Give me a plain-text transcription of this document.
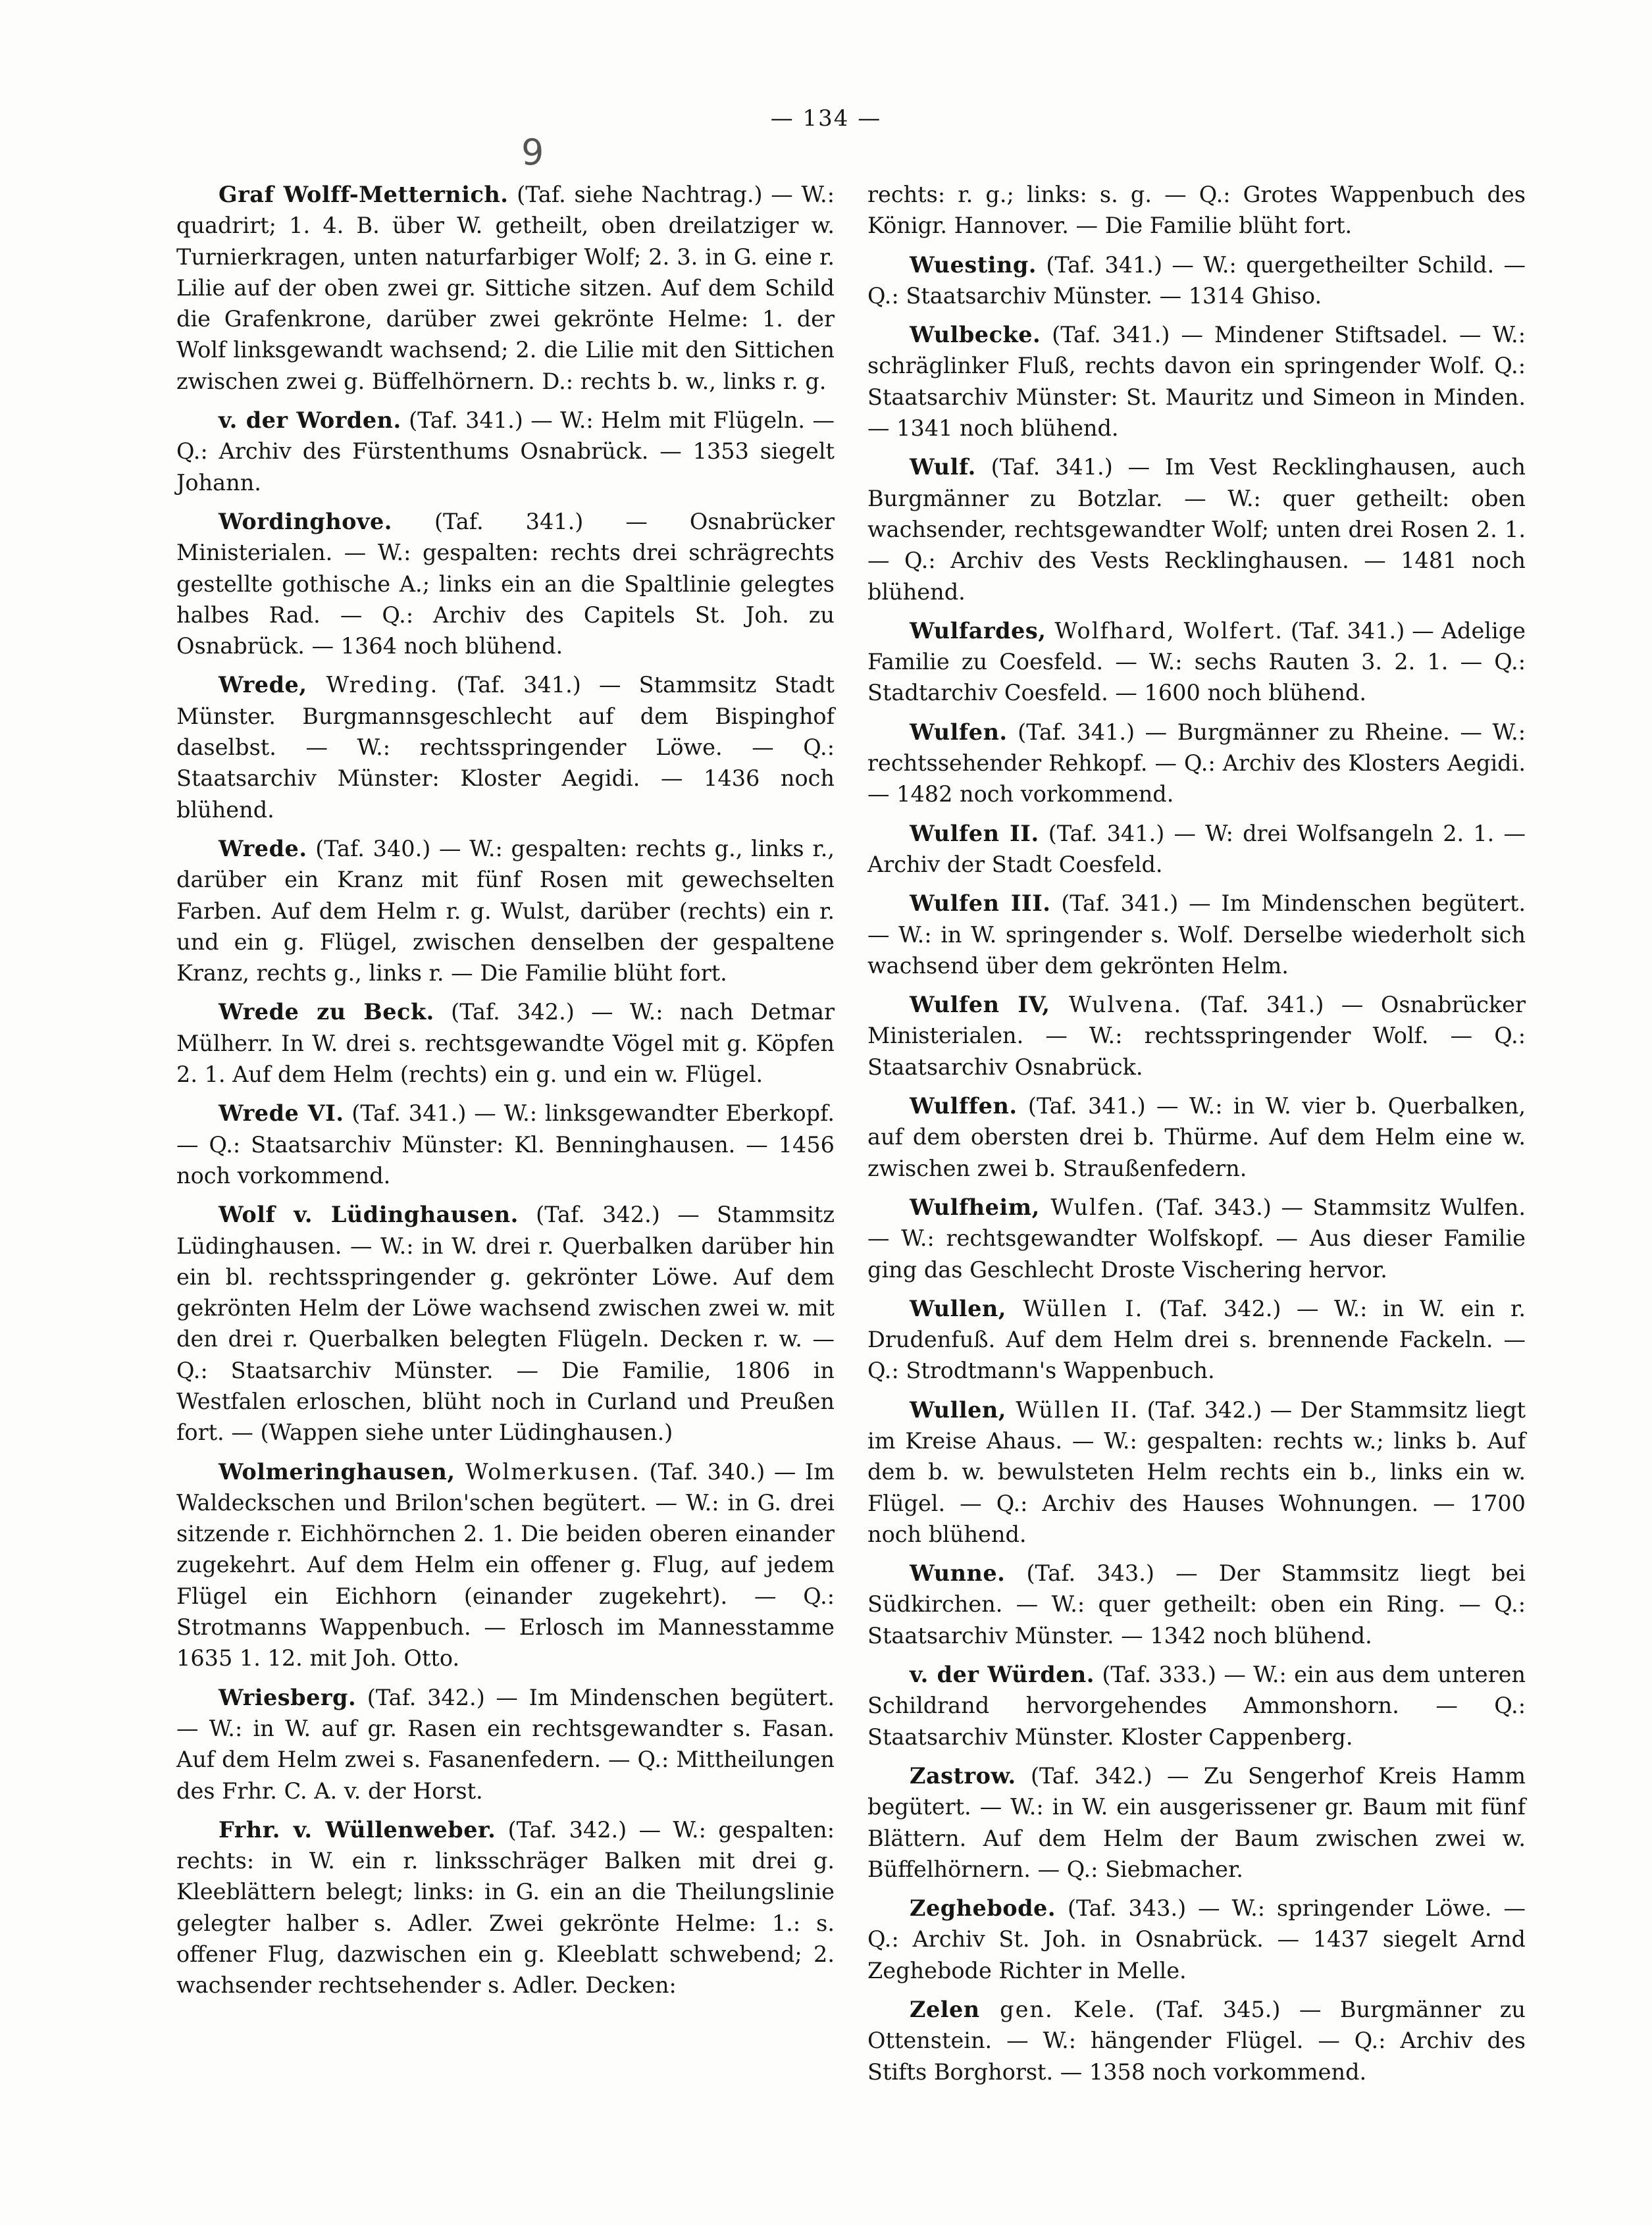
— 134 —
9

Graf Wolff-Metternich. (Taf. siehe Nachtrag.) — W.: quadrirt; 1. 4. B. über W. getheilt, oben dreilatziger w. Turnierkragen, unten naturfarbiger Wolf; 2. 3. in G. eine r. Lilie auf der oben zwei gr. Sittiche sitzen. Auf dem Schild die Grafenkrone, darüber zwei gekrönte Helme: 1. der Wolf linksgewandt wachsend; 2. die Lilie mit den Sittichen zwischen zwei g. Büffelhörnern. D.: rechts b. w., links r. g.

v. der Worden. (Taf. 341.) — W.: Helm mit Flügeln. — Q.: Archiv des Fürstenthums Osnabrück. — 1353 siegelt Johann.

Wordinghove. (Taf. 341.) — Osnabrücker Ministerialen. — W.: gespalten: rechts drei schrägrechts gestellte gothische A.; links ein an die Spaltlinie gelegtes halbes Rad. — Q.: Archiv des Capitels St. Joh. zu Osnabrück. — 1364 noch blühend.

Wrede, Wreding. (Taf. 341.) — Stammsitz Stadt Münster. Burgmannsgeschlecht auf dem Bispinghof daselbst. — W.: rechtsspringender Löwe. — Q.: Staatsarchiv Münster: Kloster Aegidi. — 1436 noch blühend.

Wrede. (Taf. 340.) — W.: gespalten: rechts g., links r., darüber ein Kranz mit fünf Rosen mit gewechselten Farben. Auf dem Helm r. g. Wulst, darüber (rechts) ein r. und ein g. Flügel, zwischen denselben der gespaltene Kranz, rechts g., links r. — Die Familie blüht fort.

Wrede zu Beck. (Taf. 342.) — W.: nach Detmar Mülherr. In W. drei s. rechtsgewandte Vögel mit g. Köpfen 2. 1. Auf dem Helm (rechts) ein g. und ein w. Flügel.

Wrede VI. (Taf. 341.) — W.: linksgewandter Eberkopf. — Q.: Staatsarchiv Münster: Kl. Benninghausen. — 1456 noch vorkommend.

Wolf v. Lüdinghausen. (Taf. 342.) — Stammsitz Lüdinghausen. — W.: in W. drei r. Querbalken darüber hin ein bl. rechtsspringender g. gekrönter Löwe. Auf dem gekrönten Helm der Löwe wachsend zwischen zwei w. mit den drei r. Querbalken belegten Flügeln. Decken r. w. — Q.: Staatsarchiv Münster. — Die Familie, 1806 in Westfalen erloschen, blüht noch in Curland und Preußen fort. — (Wappen siehe unter Lüdinghausen.)

Wolmeringhausen, Wolmerkusen. (Taf. 340.) — Im Waldeckschen und Brilon'schen begütert. — W.: in G. drei sitzende r. Eichhörnchen 2. 1. Die beiden oberen einander zugekehrt. Auf dem Helm ein offener g. Flug, auf jedem Flügel ein Eichhorn (einander zugekehrt). — Q.: Strotmanns Wappenbuch. — Erlosch im Mannesstamme 1635 1. 12. mit Joh. Otto.

Wriesberg. (Taf. 342.) — Im Mindenschen begütert. — W.: in W. auf gr. Rasen ein rechtsgewandter s. Fasan. Auf dem Helm zwei s. Fasanenfedern. — Q.: Mittheilungen des Frhr. C. A. v. der Horst.

Frhr. v. Wüllenweber. (Taf. 342.) — W.: gespalten: rechts: in W. ein r. linksschräger Balken mit drei g. Kleeblättern belegt; links: in G. ein an die Theilungslinie gelegter halber s. Adler. Zwei gekrönte Helme: 1.: s. offener Flug, dazwischen ein g. Kleeblatt schwebend; 2. wachsender rechtsehender s. Adler. Decken:

rechts: r. g.; links: s. g. — Q.: Grotes Wappenbuch des Königr. Hannover. — Die Familie blüht fort.

Wuesting. (Taf. 341.) — W.: quergetheilter Schild. — Q.: Staatsarchiv Münster. — 1314 Ghiso.

Wulbecke. (Taf. 341.) — Mindener Stiftsadel. — W.: schräglinker Fluß, rechts davon ein springender Wolf. Q.: Staatsarchiv Münster: St. Mauritz und Simeon in Minden. — 1341 noch blühend.

Wulf. (Taf. 341.) — Im Vest Recklinghausen, auch Burgmänner zu Botzlar. — W.: quer getheilt: oben wachsender, rechtsgewandter Wolf; unten drei Rosen 2. 1. — Q.: Archiv des Vests Recklinghausen. — 1481 noch blühend.

Wulfardes, Wolfhard, Wolfert. (Taf. 341.) — Adelige Familie zu Coesfeld. — W.: sechs Rauten 3. 2. 1. — Q.: Stadtarchiv Coesfeld. — 1600 noch blühend.

Wulfen. (Taf. 341.) — Burgmänner zu Rheine. — W.: rechtssehender Rehkopf. — Q.: Archiv des Klosters Aegidi. — 1482 noch vorkommend.

Wulfen II. (Taf. 341.) — W: drei Wolfsangeln 2. 1. — Archiv der Stadt Coesfeld.

Wulfen III. (Taf. 341.) — Im Mindenschen begütert. — W.: in W. springender s. Wolf. Derselbe wiederholt sich wachsend über dem gekrönten Helm.

Wulfen IV, Wulvena. (Taf. 341.) — Osnabrücker Ministerialen. — W.: rechtsspringender Wolf. — Q.: Staatsarchiv Osnabrück.

Wulffen. (Taf. 341.) — W.: in W. vier b. Querbalken, auf dem obersten drei b. Thürme. Auf dem Helm eine w. zwischen zwei b. Straußenfedern.

Wulfheim, Wulfen. (Taf. 343.) — Stammsitz Wulfen. — W.: rechtsgewandter Wolfskopf. — Aus dieser Familie ging das Geschlecht Droste Vischering hervor.

Wullen, Wüllen I. (Taf. 342.) — W.: in W. ein r. Drudenfuß. Auf dem Helm drei s. brennende Fackeln. — Q.: Strodtmann's Wappenbuch.

Wullen, Wüllen II. (Taf. 342.) — Der Stammsitz liegt im Kreise Ahaus. — W.: gespalten: rechts w.; links b. Auf dem b. w. bewulsteten Helm rechts ein b., links ein w. Flügel. — Q.: Archiv des Hauses Wohnungen. — 1700 noch blühend.

Wunne. (Taf. 343.) — Der Stammsitz liegt bei Südkirchen. — W.: quer getheilt: oben ein Ring. — Q.: Staatsarchiv Münster. — 1342 noch blühend.

v. der Würden. (Taf. 333.) — W.: ein aus dem unteren Schildrand hervorgehendes Ammonshorn. — Q.: Staatsarchiv Münster. Kloster Cappenberg.

Zastrow. (Taf. 342.) — Zu Sengerhof Kreis Hamm begütert. — W.: in W. ein ausgerissener gr. Baum mit fünf Blättern. Auf dem Helm der Baum zwischen zwei w. Büffelhörnern. — Q.: Siebmacher.

Zeghebode. (Taf. 343.) — W.: springender Löwe. — Q.: Archiv St. Joh. in Osnabrück. — 1437 siegelt Arnd Zeghebode Richter in Melle.

Zelen gen. Kele. (Taf. 345.) — Burgmänner zu Ottenstein. — W.: hängender Flügel. — Q.: Archiv des Stifts Borghorst. — 1358 noch vorkommend.
